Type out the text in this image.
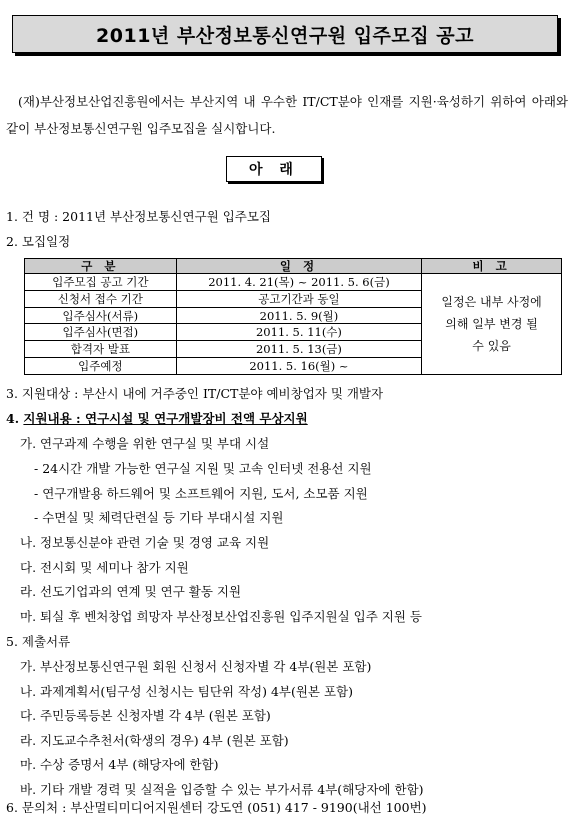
2011년 부산정보통신연구원 입주모집 공고
(재)부산정보산업진흥원에서는 부산지역 내 우수한 IT/CT분야 인재를 지원·육성하기 위하여 아래와 같이 부산정보통신연구원 입주모집을 실시합니다.
아 래
1. 건 명 : 2011년 부산정보통신연구원 입주모집
2. 모집일정
구 분	일 정	비 고
입주모집 공고 기간	2011. 4. 21(목) ~ 2011. 5. 6(금)	일정은 내부 사정에 의해 일부 변경 될 수 있음
신청서 접수 기간	공고기간과 동일	
입주심사(서류)	2011. 5. 9(월)	
입주심사(면접)	2011. 5. 11(수)	
합격자 발표	2011. 5. 13(금)	
입주예정	2011. 5. 16(월) ~	
3. 지원대상 : 부산시 내에 거주중인 IT/CT분야 예비창업자 및 개발자
4. 지원내용 : 연구시설 및 연구개발장비 전액 무상지원
가. 연구과제 수행을 위한 연구실 및 부대 시설
- 24시간 개발 가능한 연구실 지원 및 고속 인터넷 전용선 지원
- 연구개발용 하드웨어 및 소프트웨어 지원, 도서, 소모품 지원
- 수면실 및 체력단련실 등 기타 부대시설 지원
나. 정보통신분야 관련 기술 및 경영 교육 지원
다. 전시회 및 세미나 참가 지원
라. 선도기업과의 연계 및 연구 활동 지원
마. 퇴실 후 벤처창업 희망자 부산정보산업진흥원 입주지원실 입주 지원 등
5. 제출서류
가. 부산정보통신연구원 회원 신청서 신청자별 각 4부(원본 포함)
나. 과제계획서(팀구성 신청시는 팀단위 작성) 4부(원본 포함)
다. 주민등록등본 신청자별 각 4부 (원본 포함)
라. 지도교수추천서(학생의 경우) 4부 (원본 포함)
마. 수상 증명서 4부 (해당자에 한함)
바. 기타 개발 경력 및 실적을 입증할 수 있는 부가서류 4부(해당자에 한함)
6. 문의처 : 부산멀티미디어지원센터 강도연 (051) 417 - 9190(내선 100번)
